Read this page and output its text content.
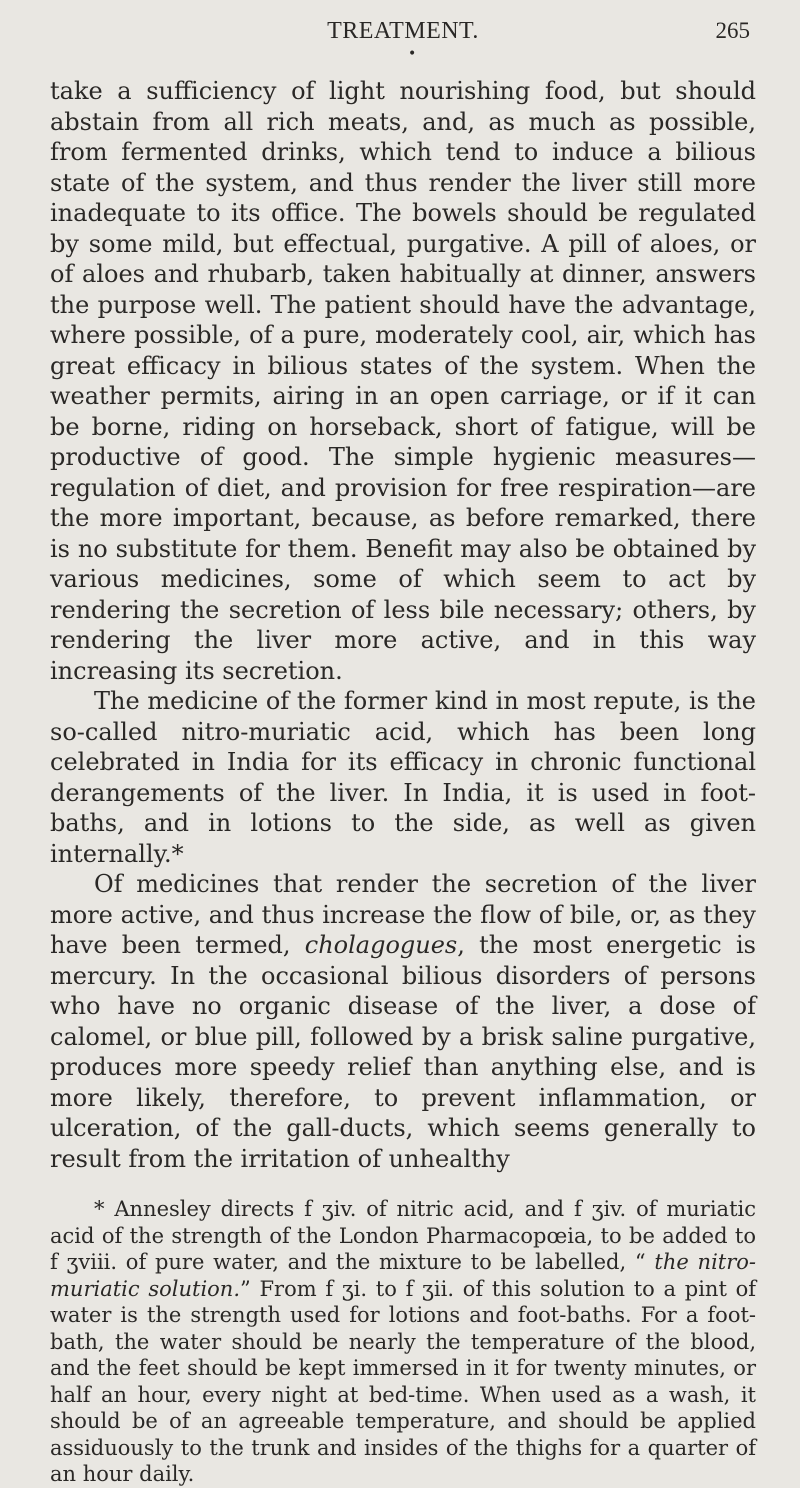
TREATMENT.	265
•

take a sufficiency of light nourishing food, but should abstain from all rich meats, and, as much as possible, from fermented drinks, which tend to induce a bilious state of the system, and thus render the liver still more inadequate to its office. The bowels should be regulated by some mild, but effectual, purgative. A pill of aloes, or of aloes and rhubarb, taken habitually at dinner, answers the purpose well. The patient should have the advantage, where possible, of a pure, moderately cool, air, which has great efficacy in bilious states of the system. When the weather permits, airing in an open carriage, or if it can be borne, riding on horseback, short of fatigue, will be productive of good. The simple hygienic measures—regulation of diet, and provision for free respiration—are the more important, because, as before remarked, there is no substitute for them. Benefit may also be obtained by various medicines, some of which seem to act by rendering the secretion of less bile necessary; others, by rendering the liver more active, and in this way increasing its secretion.

The medicine of the former kind in most repute, is the so-called nitro-muriatic acid, which has been long celebrated in India for its efficacy in chronic functional derangements of the liver. In India, it is used in foot-baths, and in lotions to the side, as well as given internally.*

Of medicines that render the secretion of the liver more active, and thus increase the flow of bile, or, as they have been termed, cholagogues, the most energetic is mercury. In the occasional bilious disorders of persons who have no organic disease of the liver, a dose of calomel, or blue pill, followed by a brisk saline purgative, produces more speedy relief than anything else, and is more likely, therefore, to prevent inflammation, or ulceration, of the gall-ducts, which seems generally to result from the irritation of unhealthy

* Annesley directs f ʒiv. of nitric acid, and f ʒiv. of muriatic acid of the strength of the London Pharmacopœia, to be added to f ʒviii. of pure water, and the mixture to be labelled, “ the nitro-muriatic solution.” From f ʒi. to f ʒii. of this solution to a pint of water is the strength used for lotions and foot-baths. For a foot-bath, the water should be nearly the temperature of the blood, and the feet should be kept immersed in it for twenty minutes, or half an hour, every night at bed-time. When used as a wash, it should be of an agreeable temperature, and should be applied assiduously to the trunk and insides of the thighs for a quarter of an hour daily.
